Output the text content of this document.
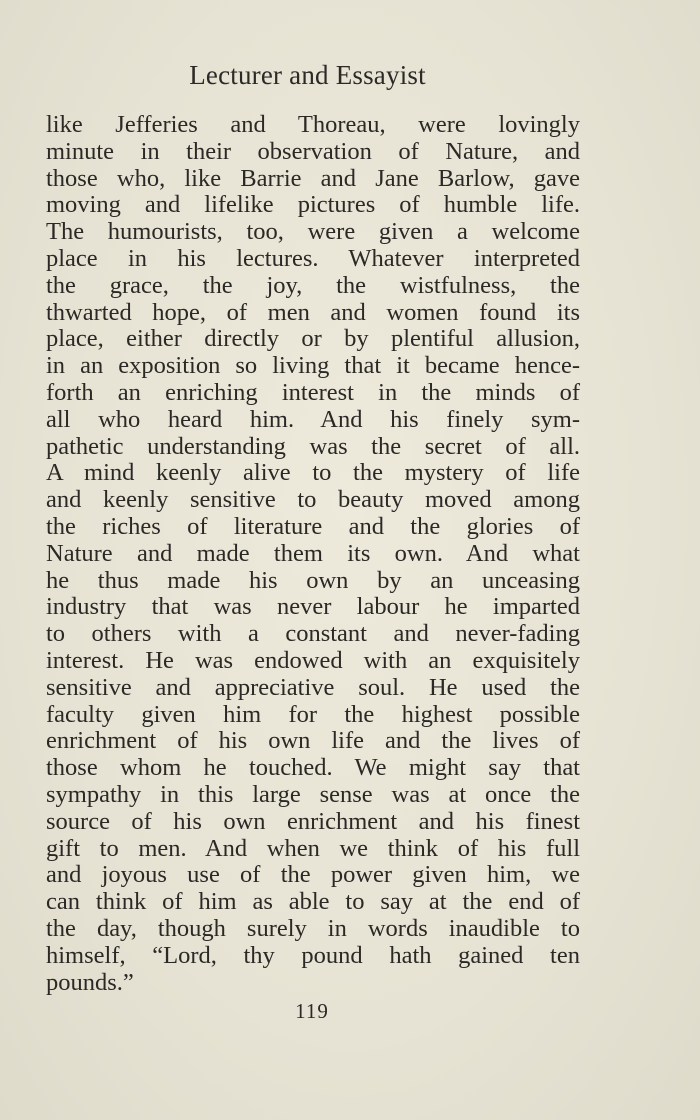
Lecturer and Essayist
like Jefferies and Thoreau, were lovingly
minute in their observation of Nature, and
those who, like Barrie and Jane Barlow, gave
moving and lifelike pictures of humble life.
The humourists, too, were given a welcome
place in his lectures. Whatever interpreted
the grace, the joy, the wistfulness, the
thwarted hope, of men and women found its
place, either directly or by plentiful allusion,
in an exposition so living that it became hence-
forth an enriching interest in the minds of
all who heard him. And his finely sym-
pathetic understanding was the secret of all.
A mind keenly alive to the mystery of life
and keenly sensitive to beauty moved among
the riches of literature and the glories of
Nature and made them its own. And what
he thus made his own by an unceasing
industry that was never labour he imparted
to others with a constant and never-fading
interest. He was endowed with an exquisitely
sensitive and appreciative soul. He used the
faculty given him for the highest possible
enrichment of his own life and the lives of
those whom he touched. We might say that
sympathy in this large sense was at once the
source of his own enrichment and his finest
gift to men. And when we think of his full
and joyous use of the power given him, we
can think of him as able to say at the end of
the day, though surely in words inaudible to
himself, “Lord, thy pound hath gained ten
pounds.”
119
